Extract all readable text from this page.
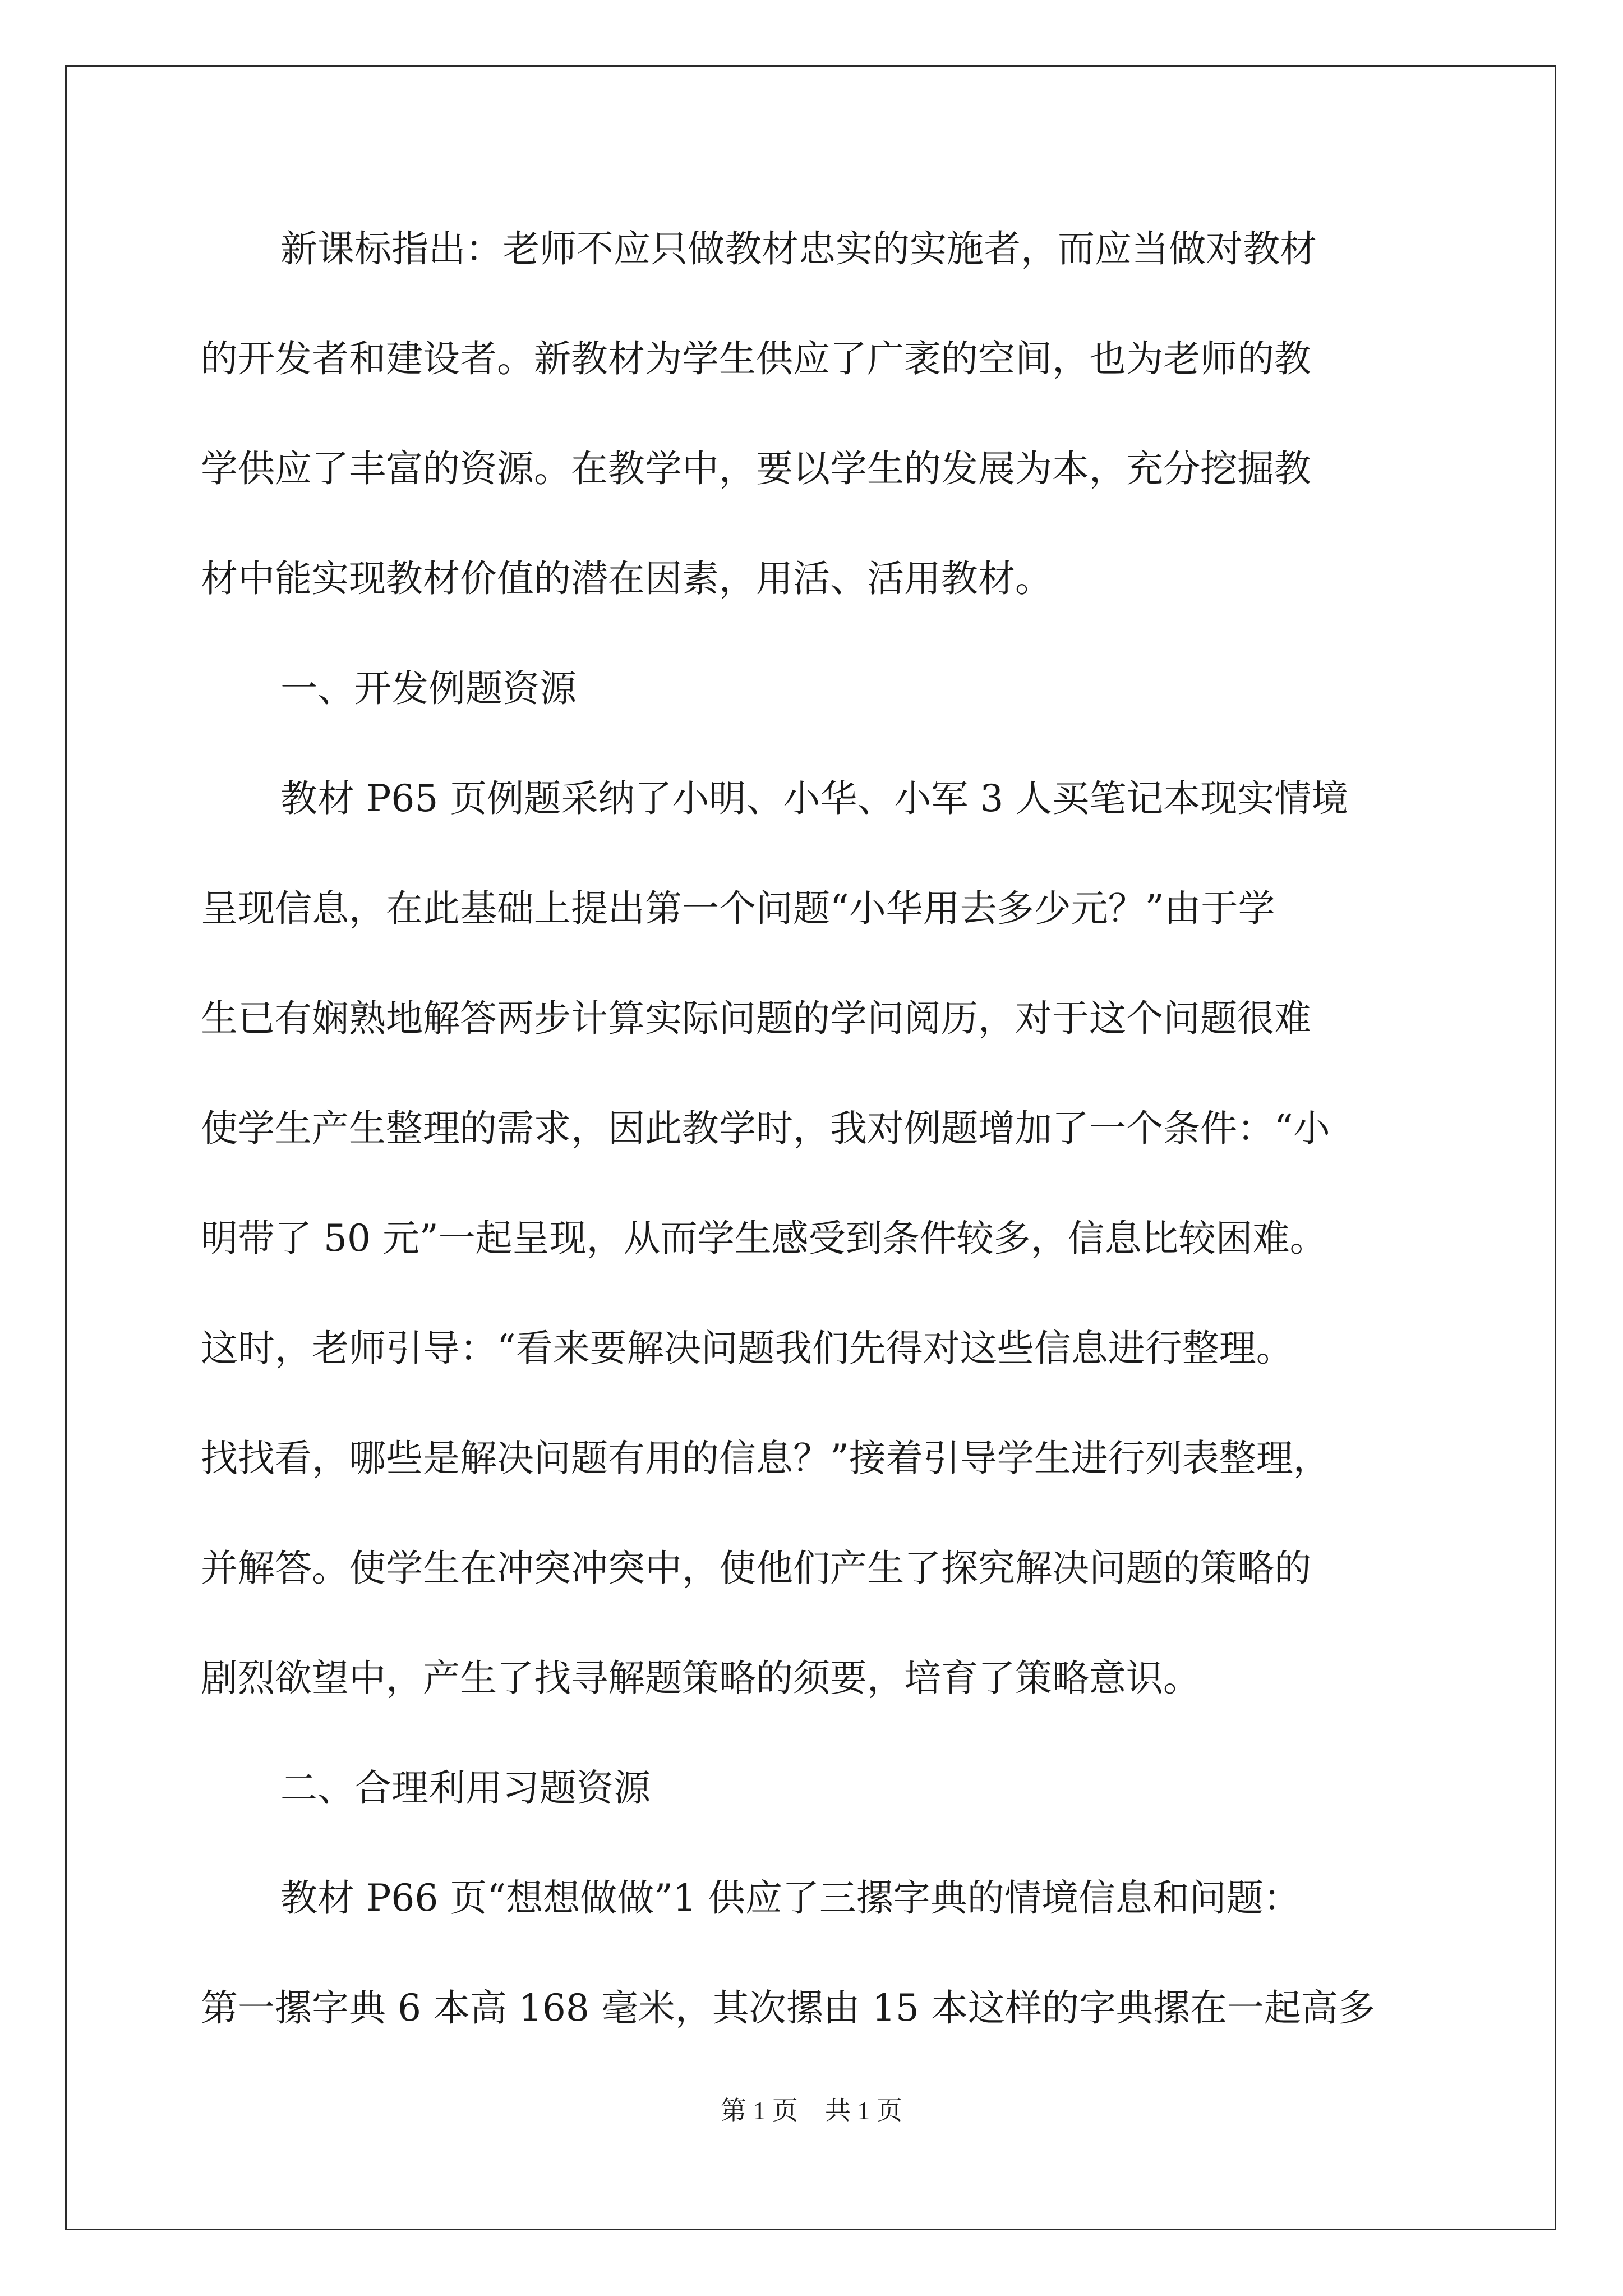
新课标指出：老师不应只做教材忠实的实施者，而应当做对教材
的开发者和建设者。新教材为学生供应了广袤的空间，也为老师的教
学供应了丰富的资源。在教学中，要以学生的发展为本，充分挖掘教
材中能实现教材价值的潜在因素，用活、活用教材。
一、开发例题资源
教材 P65 页例题采纳了小明、小华、小军 3 人买笔记本现实情境
呈现信息，在此基础上提出第一个问题“小华用去多少元？”由于学
生已有娴熟地解答两步计算实际问题的学问阅历，对于这个问题很难
使学生产生整理的需求，因此教学时，我对例题增加了一个条件：“小
明带了 50 元”一起呈现，从而学生感受到条件较多，信息比较困难。
这时，老师引导：“看来要解决问题我们先得对这些信息进行整理。
找找看，哪些是解决问题有用的信息？”接着引导学生进行列表整理，
并解答。使学生在冲突冲突中，使他们产生了探究解决问题的策略的
剧烈欲望中，产生了找寻解题策略的须要，培育了策略意识。
二、合理利用习题资源
教材 P66 页“想想做做”1 供应了三摞字典的情境信息和问题：
第一摞字典 6 本高 168 毫米，其次摞由 15 本这样的字典摞在一起高多
第 1 页 共 1 页
